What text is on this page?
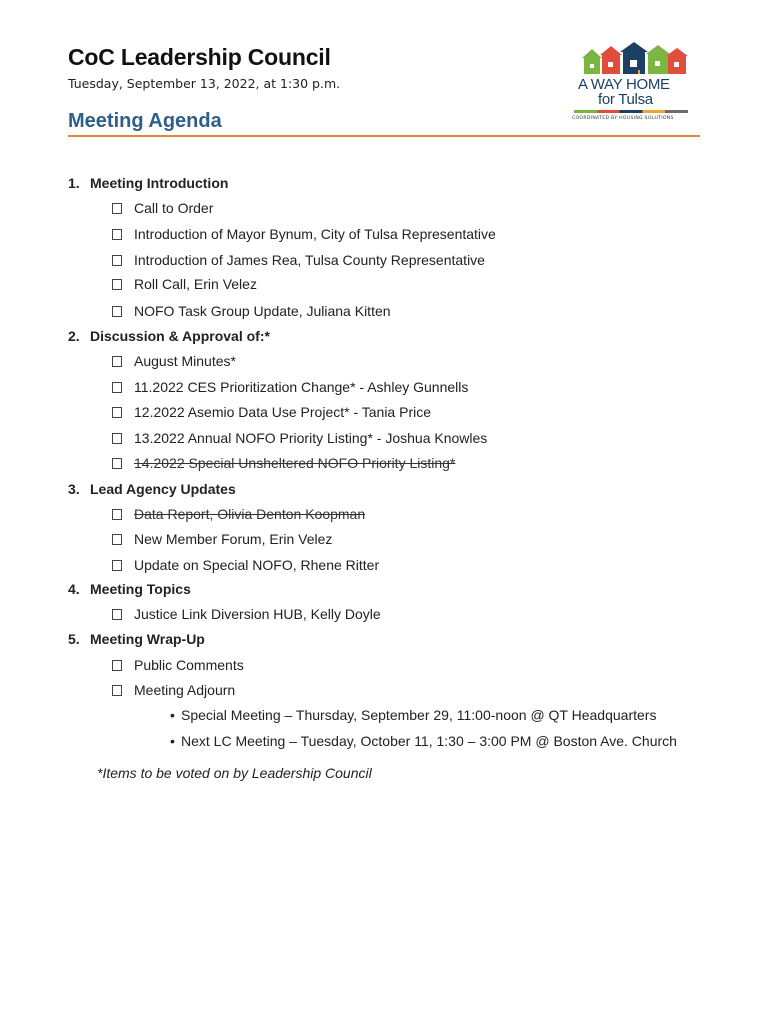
CoC Leadership Council
Tuesday, September 13, 2022, at 1:30 p.m.
Meeting Agenda
A WAY HOME
for Tulsa
COORDINATED BY HOUSING SOLUTIONS
1. Meeting Introduction
Call to Order
Introduction of Mayor Bynum, City of Tulsa Representative
Introduction of James Rea, Tulsa County Representative
Roll Call, Erin Velez
NOFO Task Group Update, Juliana Kitten
2. Discussion & Approval of:*
August Minutes*
11.2022 CES Prioritization Change* - Ashley Gunnells
12.2022 Asemio Data Use Project* - Tania Price
13.2022 Annual NOFO Priority Listing* - Joshua Knowles
14.2022 Special Unsheltered NOFO Priority Listing*
3. Lead Agency Updates
Data Report, Olivia Denton Koopman
New Member Forum, Erin Velez
Update on Special NOFO, Rhene Ritter
4. Meeting Topics
Justice Link Diversion HUB, Kelly Doyle
5. Meeting Wrap-Up
Public Comments
Meeting Adjourn
• Special Meeting – Thursday, September 29, 11:00-noon @ QT Headquarters
• Next LC Meeting – Tuesday, October 11, 1:30 – 3:00 PM @ Boston Ave. Church
*Items to be voted on by Leadership Council
